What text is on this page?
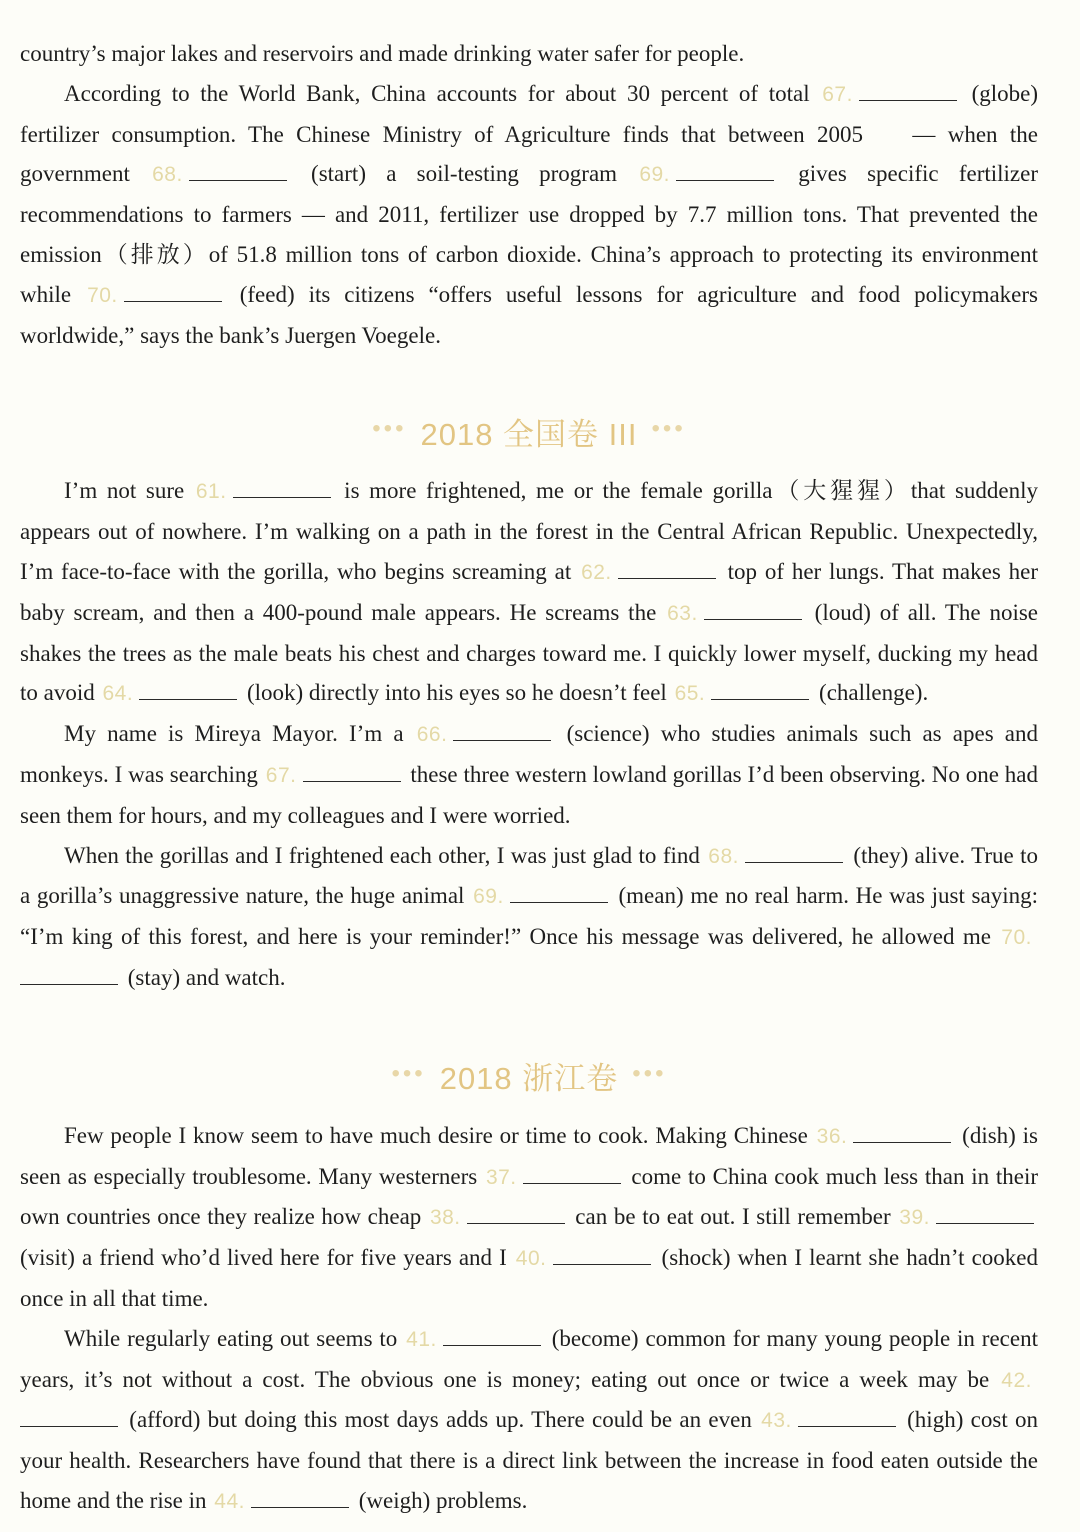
country’s major lakes and reservoirs and made drinking water safer for people.

According to the World Bank, China accounts for about 30 percent of total 67.	(globe) fertilizer consumption. The Chinese Ministry of Agriculture finds that between 2005    — when the government 68.	(start) a soil-testing program 69.	gives specific fertilizer recommendations to farmers — and 2011, fertilizer use dropped by 7.7 million tons. That prevented the emission（排放）of 51.8 million tons of carbon dioxide. China’s approach to protecting its environment while 70.	(feed) its citizens “offers useful lessons for agriculture and food policymakers worldwide,” says the bank’s Juergen Voegele.

••• 2018 全国卷 III •••

I’m not sure 61.	is more frightened, me or the female gorilla（大猩猩）that suddenly appears out of nowhere. I’m walking on a path in the forest in the Central African Republic. Unexpectedly, I’m face-to-face with the gorilla, who begins screaming at 62.	top of her lungs. That makes her baby scream, and then a 400-pound male appears. He screams the 63.	(loud) of all. The noise shakes the trees as the male beats his chest and charges toward me. I quickly lower myself, ducking my head to avoid 64.	(look) directly into his eyes so he doesn’t feel 65.	(challenge).

My name is Mireya Mayor. I’m a 66.	(science) who studies animals such as apes and monkeys. I was searching 67.	these three western lowland gorillas I’d been observing. No one had seen them for hours, and my colleagues and I were worried.

When the gorillas and I frightened each other, I was just glad to find 68.	(they) alive. True to a gorilla’s unaggressive nature, the huge animal 69.	(mean) me no real harm. He was just saying: “I’m king of this forest, and here is your reminder!” Once his message was delivered, he allowed me 70. (stay) and watch.

••• 2018 浙江卷 •••

Few people I know seem to have much desire or time to cook. Making Chinese 36.	(dish) is seen as especially troublesome. Many westerners 37.	come to China cook much less than in their own countries once they realize how cheap 38.	can be to eat out. I still remember 39. (visit) a friend who’d lived here for five years and I 40.	(shock) when I learnt she hadn’t cooked once in all that time.

While regularly eating out seems to 41.	(become) common for many young people in recent years, it’s not without a cost. The obvious one is money; eating out once or twice a week may be 42. (afford) but doing this most days adds up. There could be an even 43.	(high) cost on your health. Researchers have found that there is a direct link between the increase in food eaten outside the home and the rise in 44.	(weigh) problems.
